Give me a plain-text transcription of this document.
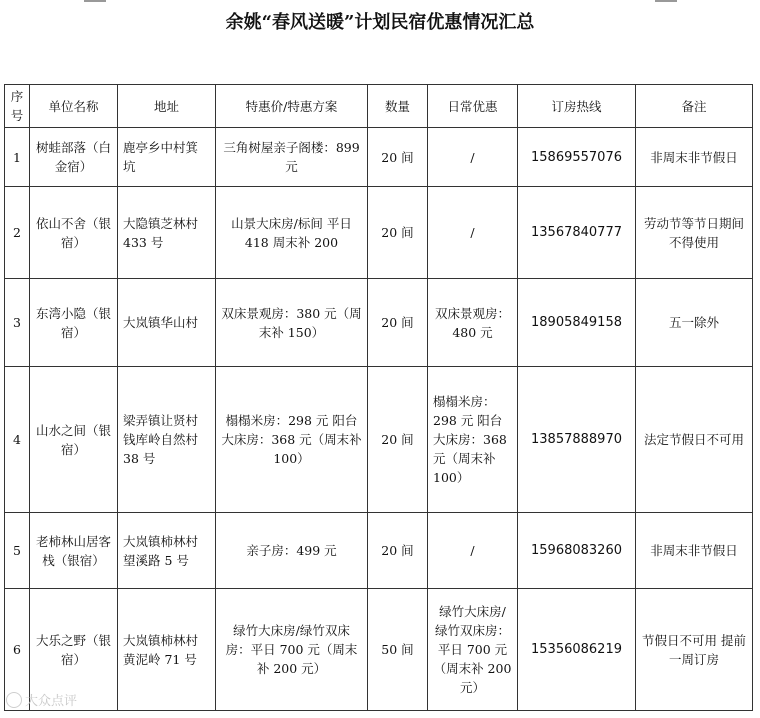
余姚“春风送暖”计划民宿优惠情况汇总
序号	单位名称	地址	特惠价/特惠方案	数量	日常优惠	订房热线	备注
1	树蛙部落（白金宿）	鹿亭乡中村箕坑	三角树屋亲子阁楼：899 元	20 间	/	15869557076	非周末非节假日
2	依山不舍（银宿）	大隐镇芝林村 433 号	山景大床房/标间 平日 418 周末补 200	20 间	/	13567840777	劳动节等节日期间不得使用
3	东湾小隐（银宿）	大岚镇华山村	双床景观房：380 元（周末补 150）	20 间	双床景观房：480 元	18905849158	五一除外
4	山水之间（银宿）	梁弄镇让贤村钱库岭自然村 38 号	榻榻米房：298 元 阳台大床房：368 元（周末补 100）	20 间	榻榻米房：298 元 阳台大床房：368 元（周末补 100）	13857888970	法定节假日不可用
5	老柿林山居客栈（银宿）	大岚镇柿林村望溪路 5 号	亲子房：499 元	20 间	/	15968083260	非周末非节假日
6	大乐之野（银宿）	大岚镇柿林村黄泥岭 71 号	绿竹大床房/绿竹双床房：平日 700 元（周末补 200 元）	50 间	绿竹大床房/绿竹双床房：平日 700 元（周末补 200 元）	15356086219	节假日不可用 提前一周订房
大众点评
